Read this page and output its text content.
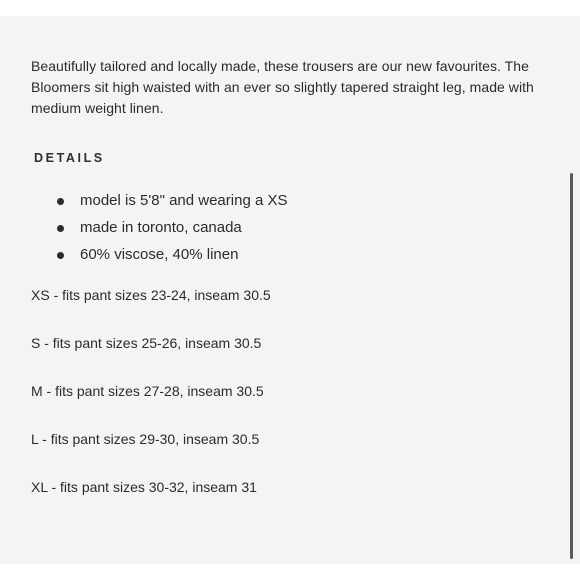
Beautifully tailored and locally made, these trousers are our new favourites. The Bloomers sit high waisted with an ever so slightly tapered straight leg, made with medium weight linen.

DETAILS
model is 5'8" and wearing a XS
made in toronto, canada
60% viscose, 40% linen
XS - fits pant sizes 23-24, inseam 30.5
S - fits pant sizes 25-26, inseam 30.5
M - fits pant sizes 27-28, inseam 30.5
L - fits pant sizes 29-30, inseam 30.5
XL - fits pant sizes 30-32, inseam 31
